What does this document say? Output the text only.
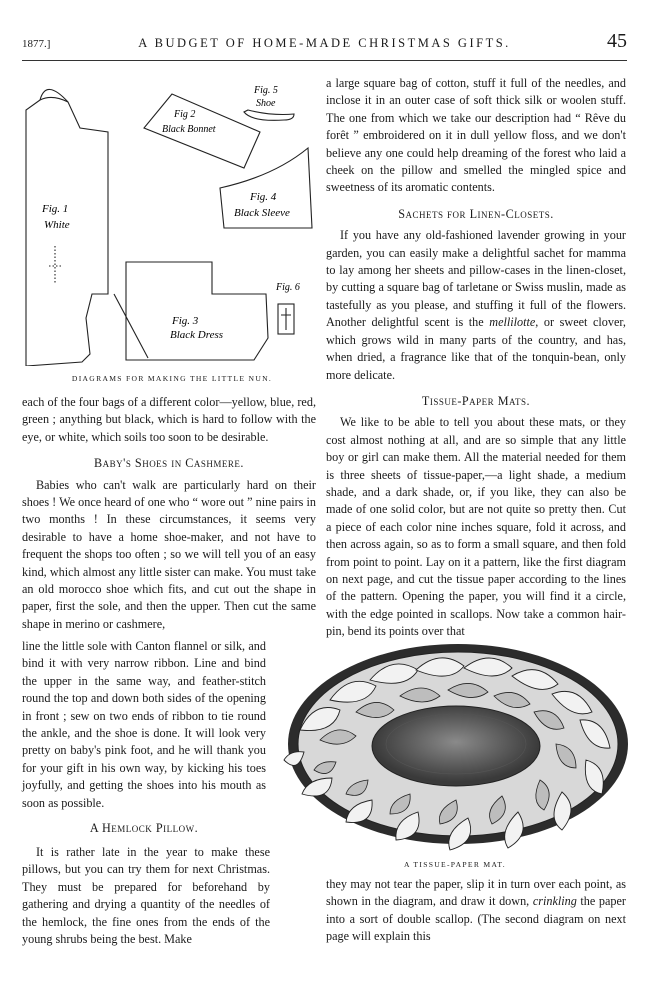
1877.]	A BUDGET OF HOME-MADE CHRISTMAS GIFTS.	45
Fig. 1
White
Fig 2
Black Bonnet
Fig. 5
Shoe
Fig. 4
Black Sleeve
Fig. 6
Fig. 3
Black Dress
DIAGRAMS FOR MAKING THE LITTLE NUN.

each of the four bags of a different color—yellow, blue, red, green ; anything but black, which is hard to follow with the eye, or white, which soils too soon to be desirable.

Baby's Shoes in Cashmere.

Babies who can't walk are particularly hard on their shoes ! We once heard of one who “ wore out ” nine pairs in two months ! In these circumstances, it seems very desirable to have a home shoe-maker, and not have to frequent the shops too often ; so we will tell you of an easy kind, which almost any little sister can make. You must take an old morocco shoe which fits, and cut out the shape in paper, first the sole, and then the upper. Then cut the same shape in merino or cashmere,

line the little sole with Canton flannel or silk, and bind it with very narrow ribbon. Line and bind the upper in the same way, and feather-stitch round the top and down both sides of the opening in front ; sew on two ends of ribbon to tie round the ankle, and the shoe is done. It will look very pretty on baby's pink foot, and he will thank you for your gift in his own way, by kicking his toes joyfully, and getting the shoes into his mouth as soon as possible.

A Hemlock Pillow.

It is rather late in the year to make these pillows, but you can try them for next Christmas. They must be prepared for beforehand by gathering and drying a quantity of the needles of the hemlock, the fine ones from the ends of the young shrubs being the best. Make

a large square bag of cotton, stuff it full of the needles, and inclose it in an outer case of soft thick silk or woolen stuff. The one from which we take our description had “ Rêve du forêt ” embroidered on it in dull yellow floss, and we don't believe any one could help dreaming of the forest who laid a cheek on the pillow and smelled the mingled spice and sweetness of its aromatic contents.

Sachets for Linen-Closets.

If you have any old-fashioned lavender growing in your garden, you can easily make a delightful sachet for mamma to lay among her sheets and pillow-cases in the linen-closet, by cutting a square bag of tarletane or Swiss muslin, made as tastefully as you please, and stuffing it full of the flowers. Another delightful scent is the mellilotte, or sweet clover, which grows wild in many parts of the country, and has, when dried, a fragrance like that of the tonquin-bean, only more delicate.

Tissue-Paper Mats.

We like to be able to tell you about these mats, or they cost almost nothing at all, and are so simple that any little boy or girl can make them. All the material needed for them is three sheets of tissue-paper,—a light shade, a medium shade, and a dark shade, or, if you like, they can also be made of one solid color, but are not quite so pretty then. Cut a piece of each color nine inches square, fold it across, and then across again, so as to form a small square, and then fold from point to point. Lay on it a pattern, like the first diagram on next page, and cut the tissue paper according to the lines of the pattern. Opening the paper, you will find it a circle, with the edge pointed in scallops. Now take a common hair-pin, bend its points over that

A TISSUE-PAPER MAT.

they may not tear the paper, slip it in turn over each point, as shown in the diagram, and draw it down, crinkling the paper into a sort of double scallop. (The second diagram on next page will explain this
